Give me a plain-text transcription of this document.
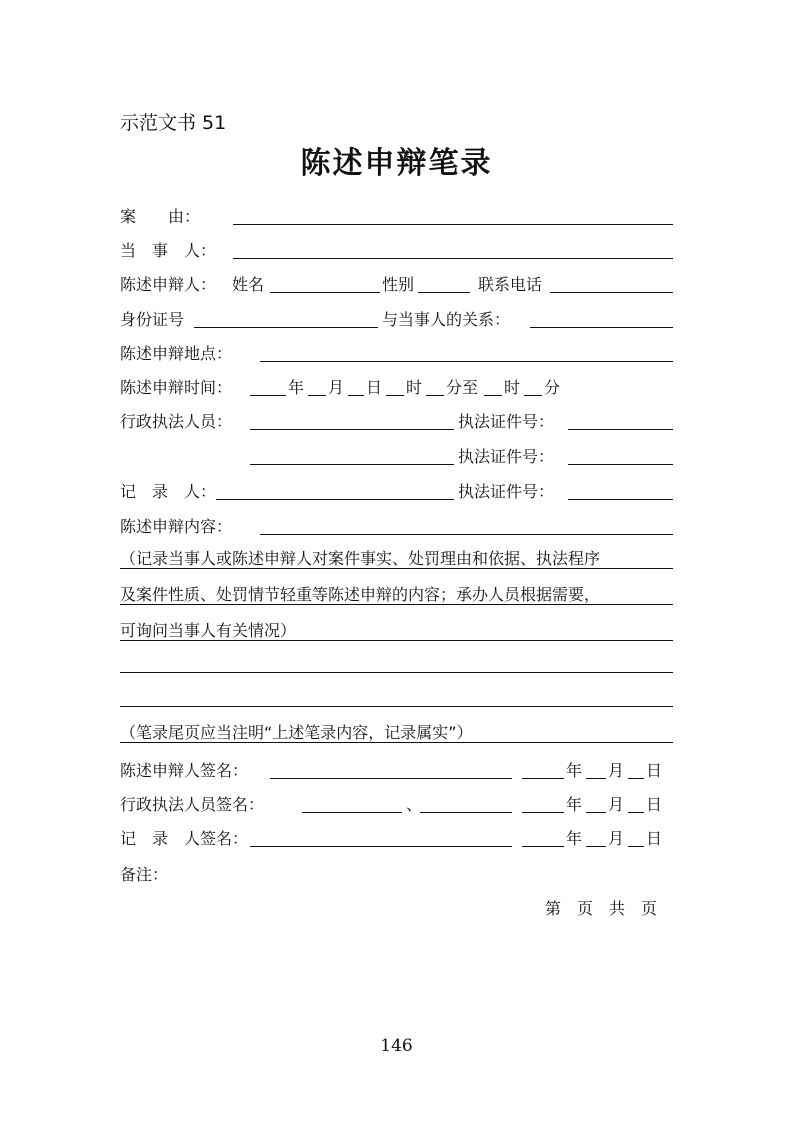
示范文书 51
陈述申辩笔录
案　　由：
当　事　人：
陈述申辩人： 姓名	性别	联系电话
身份证号	与当事人的关系：
陈述申辩地点：
陈述申辩时间：	年 月 日 时 分至 时 分
行政执法人员：	执法证件号：
执法证件号：
记　录　人：	执法证件号：
陈述申辩内容：
（记录当事人或陈述申辩人对案件事实、处罚理由和依据、执法程序
及案件性质、处罚情节轻重等陈述申辩的内容；承办人员根据需要，
可询问当事人有关情况）
（笔录尾页应当注明“上述笔录内容，记录属实”）
陈述申辩人签名：	年 月 日
行政执法人员签名：	、	年 月 日
记　录　人签名：	年 月 日
备注：
第　页　共　页
146
